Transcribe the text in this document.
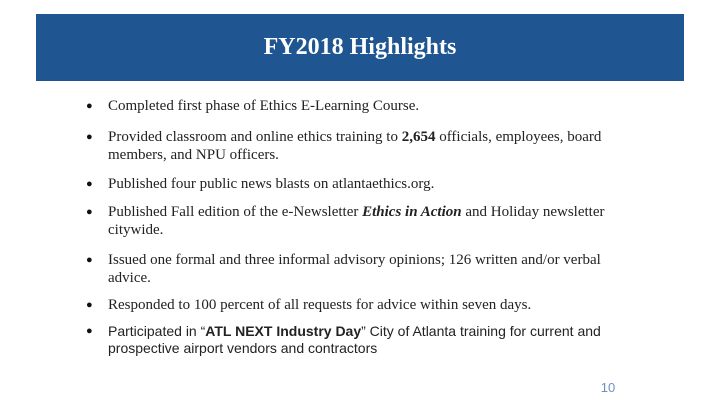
FY2018 Highlights
●	Completed first phase of Ethics E-Learning Course.
●	Provided classroom and online ethics training to 2,654 officials, employees, board members, and NPU officers.
●	Published four public news blasts on atlantaethics.org.
●	Published Fall edition of the e-Newsletter Ethics in Action and Holiday newsletter citywide.
●	Issued one formal and three informal advisory opinions; 126 written and/or verbal advice.
●	Responded to 100 percent of all requests for advice within seven days.
●	Participated in “ATL NEXT Industry Day” City of Atlanta training for current and prospective airport vendors and contractors
10
